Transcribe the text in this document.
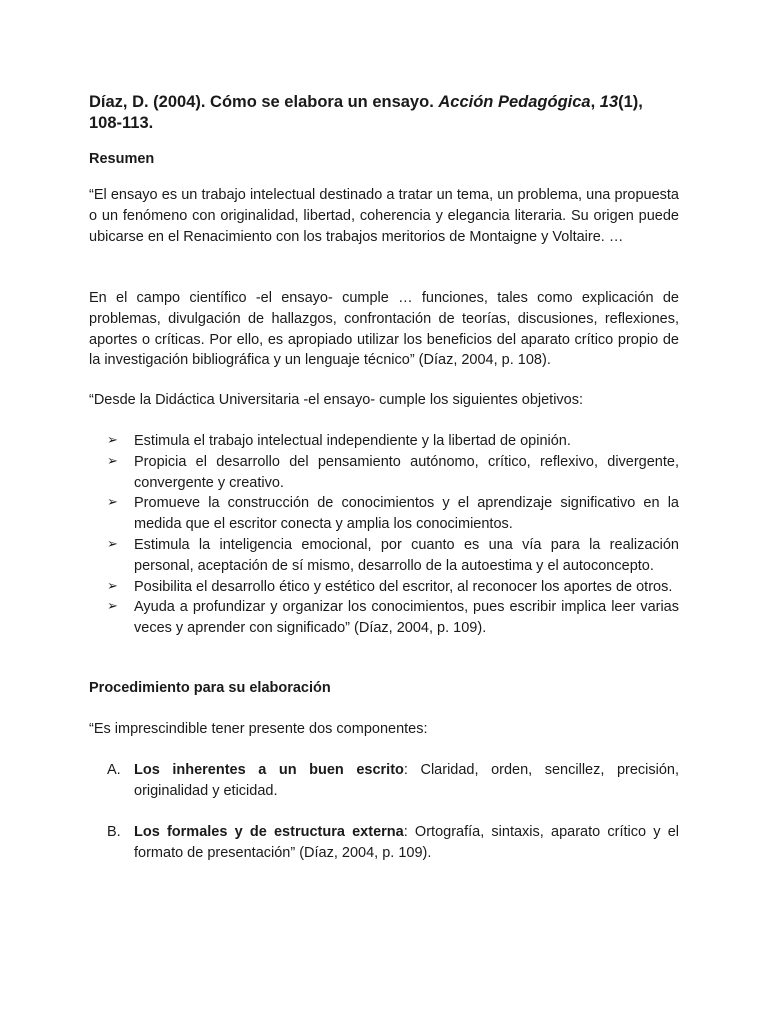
Díaz, D. (2004). Cómo se elabora un ensayo. Acción Pedagógica, 13(1), 108-113.
Resumen

“El ensayo es un trabajo intelectual destinado a tratar un tema, un problema, una propuesta o un fenómeno con originalidad, libertad, coherencia y elegancia literaria. Su origen puede ubicarse en el Renacimiento con los trabajos meritorios de Montaigne y Voltaire. …

En el campo científico -el ensayo- cumple … funciones, tales como explicación de problemas, divulgación de hallazgos, confrontación de teorías, discusiones, reflexiones, aportes o críticas. Por ello, es apropiado utilizar los beneficios del aparato crítico propio de la investigación bibliográfica y un lenguaje técnico” (Díaz, 2004, p. 108).

“Desde la Didáctica Universitaria -el ensayo- cumple los siguientes objetivos:

➢ Estimula el trabajo intelectual independiente y la libertad de opinión.
➢ Propicia el desarrollo del pensamiento autónomo, crítico, reflexivo, divergente, convergente y creativo.
➢ Promueve la construcción de conocimientos y el aprendizaje significativo en la medida que el escritor conecta y amplia los conocimientos.
➢ Estimula la inteligencia emocional, por cuanto es una vía para la realización personal, aceptación de sí mismo, desarrollo de la autoestima y el autoconcepto.
➢ Posibilita el desarrollo ético y estético del escritor, al reconocer los aportes de otros.
➢ Ayuda a profundizar y organizar los conocimientos, pues escribir implica leer varias veces y aprender con significado” (Díaz, 2004, p. 109).
Procedimiento para su elaboración

“Es imprescindible tener presente dos componentes:

A. Los inherentes a un buen escrito: Claridad, orden, sencillez, precisión, originalidad y eticidad.
B. Los formales y de estructura externa: Ortografía, sintaxis, aparato crítico y el formato de presentación” (Díaz, 2004, p. 109).
